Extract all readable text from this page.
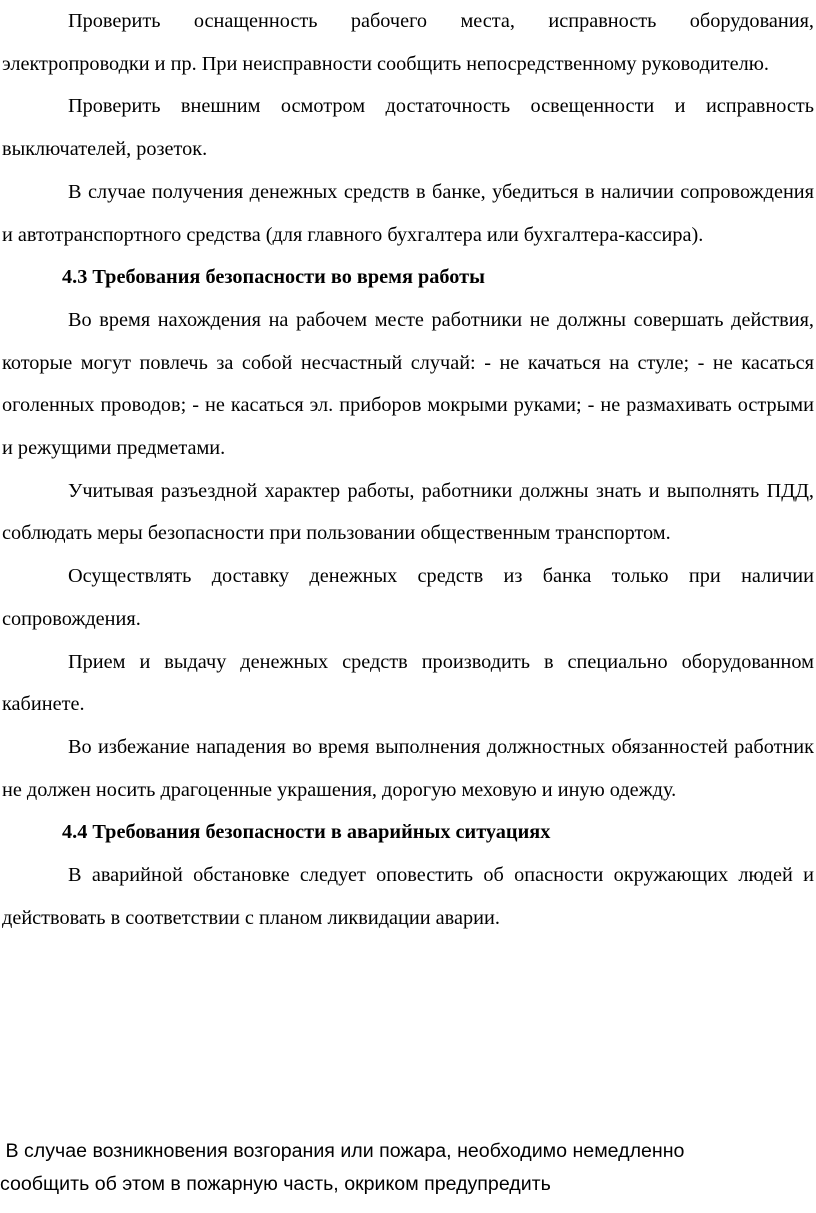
Проверить оснащенность рабочего места, исправность оборудования, электропроводки и пр. При неисправности сообщить непосредственному руководителю.

Проверить внешним осмотром достаточность освещенности и исправность выключателей, розеток.

В случае получения денежных средств в банке, убедиться в наличии сопровождения и автотранспортного средства (для главного бухгалтера или бухгалтера-кассира).

4.3 Требования безопасности во время работы

Во время нахождения на рабочем месте работники не должны совершать действия, которые могут повлечь за собой несчастный случай: - не качаться на стуле; - не касаться оголенных проводов; - не касаться эл. приборов мокрыми руками; - не размахивать острыми и режущими предметами.

Учитывая разъездной характер работы, работники должны знать и выполнять ПДД, соблюдать меры безопасности при пользовании общественным транспортом.

Осуществлять доставку денежных средств из банка только при наличии сопровождения.

Прием и выдачу денежных средств производить в специально оборудованном кабинете.

Во избежание нападения во время выполнения должностных обязанностей работник не должен носить драгоценные украшения, дорогую меховую и иную одежду.

4.4 Требования безопасности в аварийных ситуациях

В аварийной обстановке следует оповестить об опасности окружающих людей и действовать в соответствии с планом ликвидации аварии.

В случае возникновения возгорания или пожара, необходимо немедленно
сообщить об этом в пожарную часть, окриком предупредить
